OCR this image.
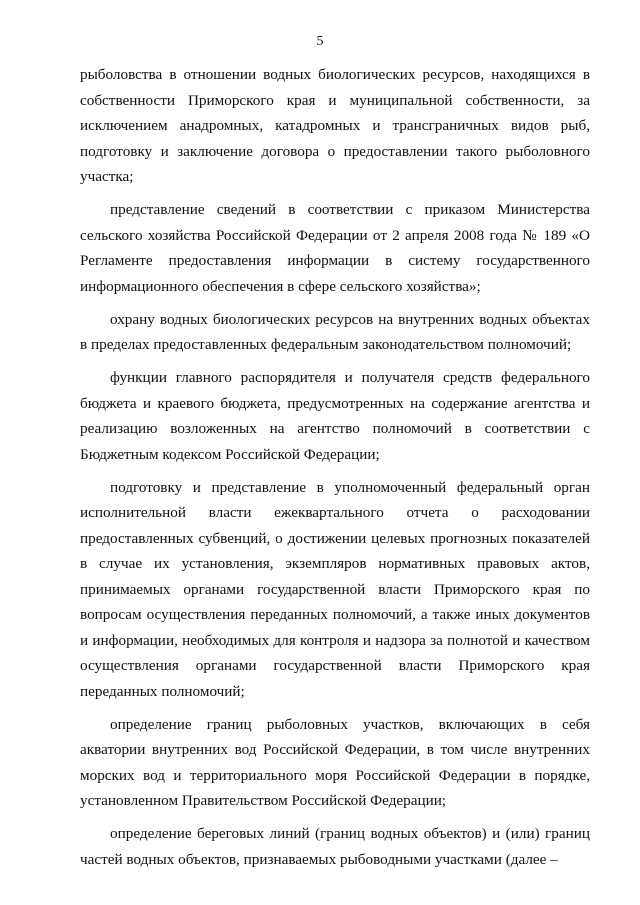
5

рыболовства в отношении водных биологических ресурсов, находящихся в собственности Приморского края и муниципальной собственности, за исключением анадромных, катадромных и трансграничных видов рыб, подготовку и заключение договора о предоставлении такого рыболовного участка;

представление сведений в соответствии с приказом Министерства сельского хозяйства Российской Федерации от 2 апреля 2008 года № 189 «О Регламенте предоставления информации в систему государственного информационного обеспечения в сфере сельского хозяйства»;

охрану водных биологических ресурсов на внутренних водных объектах в пределах предоставленных федеральным законодательством полномочий;

функции главного распорядителя и получателя средств федерального бюджета и краевого бюджета, предусмотренных на содержание агентства и реализацию возложенных на агентство полномочий в соответствии с Бюджетным кодексом Российской Федерации;

подготовку и представление в уполномоченный федеральный орган исполнительной власти ежеквартального отчета о расходовании предоставленных субвенций, о достижении целевых прогнозных показателей в случае их установления, экземпляров нормативных правовых актов, принимаемых органами государственной власти Приморского края по вопросам осуществления переданных полномочий, а также иных документов и информации, необходимых для контроля и надзора за полнотой и качеством осуществления органами государственной власти Приморского края переданных полномочий;

определение границ рыболовных участков, включающих в себя акватории внутренних вод Российской Федерации, в том числе внутренних морских вод и территориального моря Российской Федерации в порядке, установленном Правительством Российской Федерации;

определение береговых линий (границ водных объектов) и (или) границ частей водных объектов, признаваемых рыбоводными участками (далее –
